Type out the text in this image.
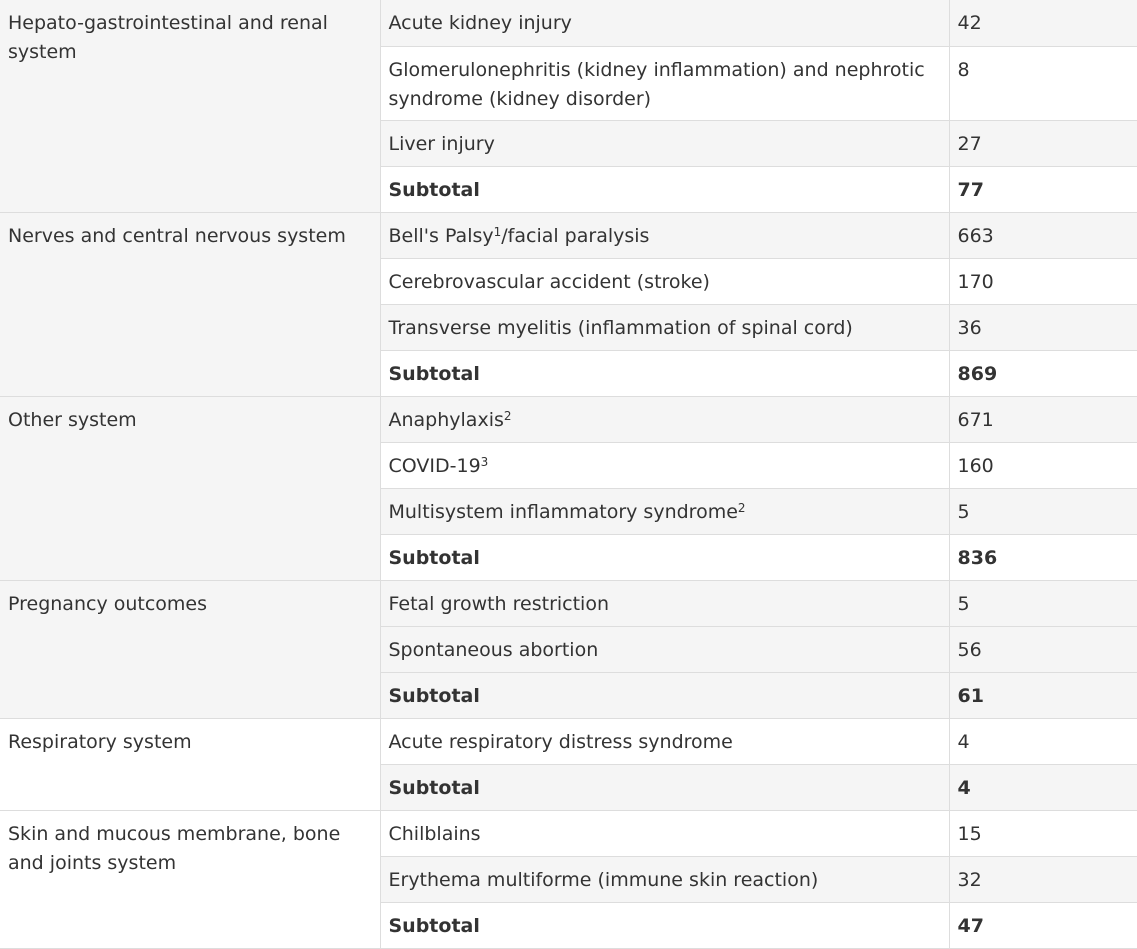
Hepato-gastrointestinal and renal system	Acute kidney injury	42
	Glomerulonephritis (kidney inflammation) and nephrotic syndrome (kidney disorder)	8
	Liver injury	27
	Subtotal	77
Nerves and central nervous system	Bell's Palsy$^1$/facial paralysis	663
	Cerebrovascular accident (stroke)	170
	Transverse myelitis (inflammation of spinal cord)	36
	Subtotal	869
Other system	Anaphylaxis$^2$	671
	COVID-$19^3$	160
	Multisystem inflammatory syndrome$^2$	5
	Subtotal	836
Pregnancy outcomes	Fetal growth restriction	5
	Spontaneous abortion	56
	Subtotal	61
Respiratory system	Acute respiratory distress syndrome	4
	Subtotal	4
Skin and mucous membrane, bone and joints system	Chilblains	15
	Erythema multiforme (immune skin reaction)	32
	Subtotal	47
